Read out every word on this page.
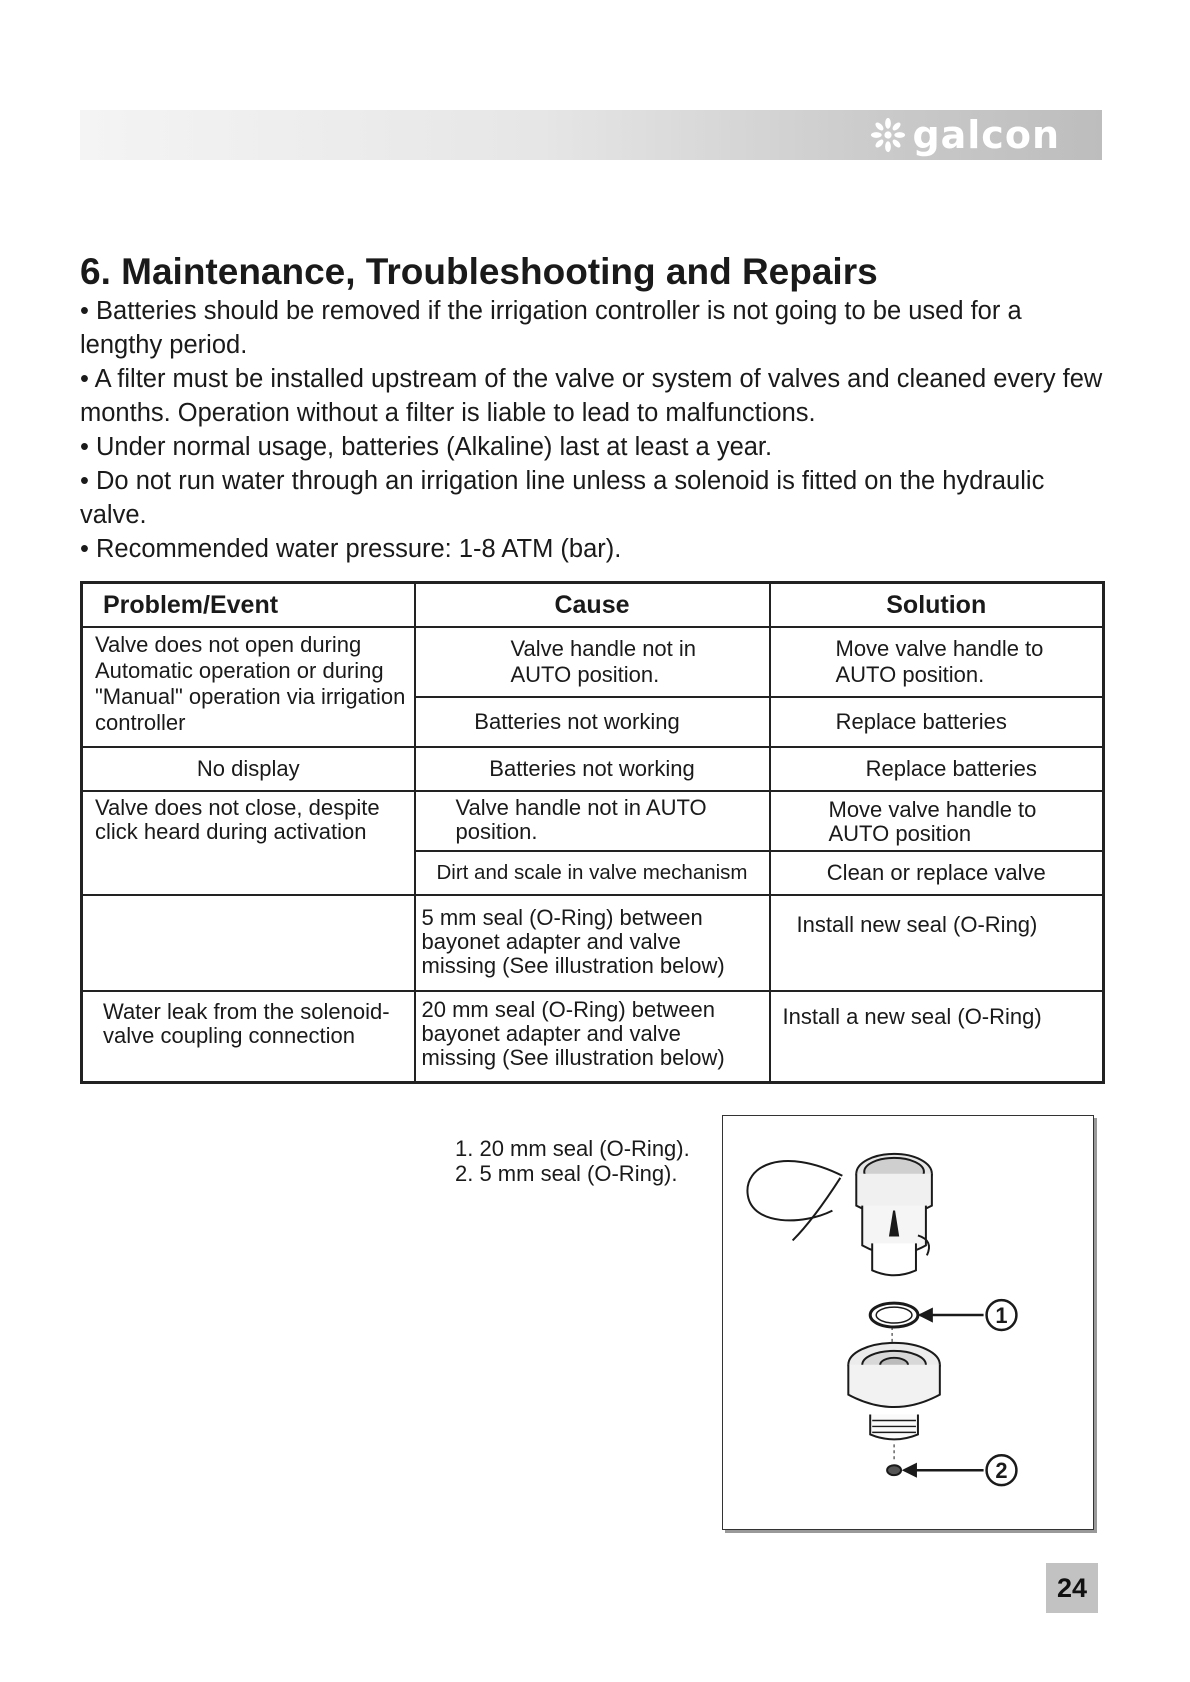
galcon
6. Maintenance, Troubleshooting and Repairs

• Batteries should be removed if the irrigation controller is not going to be used for a lengthy period.

• A filter must be installed upstream of the valve or system of valves and cleaned every few months. Operation without a filter is liable to lead to malfunctions.

• Under normal usage, batteries (Alkaline) last at least a year.

• Do not run water through an irrigation line unless a solenoid is fitted on the hydraulic valve.

• Recommended water pressure: 1-8 ATM (bar).

Problem/Event	Cause	Solution
Valve does not open during Automatic operation or during "Manual" operation via irrigation controller	Valve handle not in AUTO position.	Move valve handle to AUTO position.
	Batteries not working	Replace batteries
No display	Batteries not working	Replace batteries
Valve does not close, despite click heard during activation	Valve handle not in AUTO position.	Move valve handle to AUTO position
	Dirt and scale in valve mechanism	Clean or replace valve
	5 mm seal (O-Ring) between bayonet adapter and valve missing (See illustration below)	Install new seal (O-Ring)
Water leak from the solenoid-valve coupling connection	20 mm seal (O-Ring) between bayonet adapter and valve missing (See illustration below)	Install a new seal (O-Ring)
1. 20 mm seal (O-Ring).
2. 5 mm seal (O-Ring).
1
2
24
